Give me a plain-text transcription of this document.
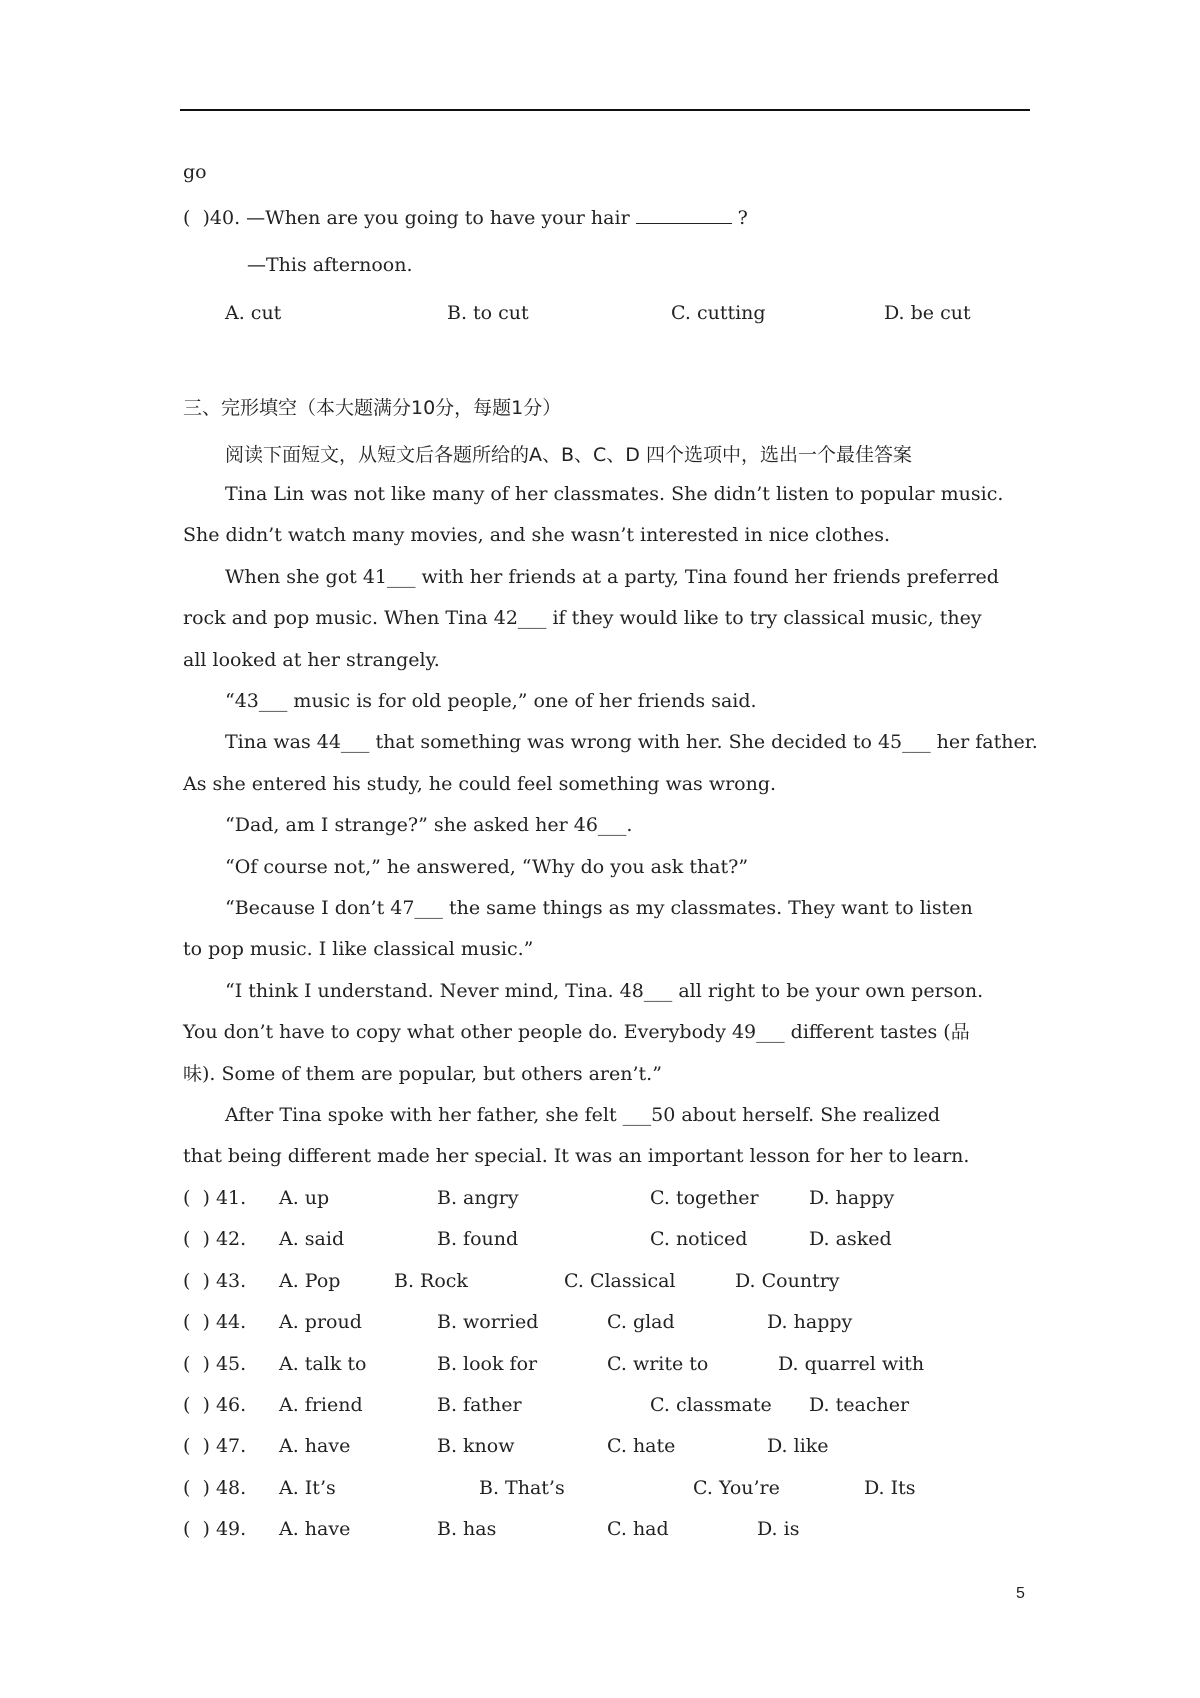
go
(  )40. —When are you going to have your hair	?
—This afternoon.
A. cut	B. to cut	C. cutting	D. be cut
三、完形填空（本大题满分10分，每题1分）
阅读下面短文，从短文后各题所给的A、B、C、D 四个选项中，选出一个最佳答案
Tina Lin was not like many of her classmates. She didn’t listen to popular music.
She didn’t watch many movies, and she wasn’t interested in nice clothes.
When she got 41___ with her friends at a party, Tina found her friends preferred
rock and pop music. When Tina 42___ if they would like to try classical music, they
all looked at her strangely.
“43___ music is for old people,” one of her friends said.
Tina was 44___ that something was wrong with her. She decided to 45___ her father.
As she entered his study, he could feel something was wrong.
“Dad, am I strange?” she asked her 46___.
“Of course not,” he answered, “Why do you ask that?”
“Because I don’t 47___ the same things as my classmates. They want to listen
to pop music. I like classical music.”
“I think I understand. Never mind, Tina. 48___ all right to be your own person.
You don’t have to copy what other people do. Everybody 49___ different tastes (品
味). Some of them are popular, but others aren’t.”
After Tina spoke with her father, she felt ___50 about herself. She realized
that being different made her special. It was an important lesson for her to learn.
(  ) 41. A. up	B. angry	C. together	D. happy
(  ) 42. A. said	B. found	C. noticed	D. asked
(  ) 43. A. Pop	B. Rock	C. Classical	D. Country
(  ) 44. A. proud	B. worried	C. glad	D. happy
(  ) 45. A. talk to	B. look for	C. write to	D. quarrel with
(  ) 46. A. friend	B. father	C. classmate D. teacher
(  ) 47. A. have	B. know	C. hate	D. like
(  ) 48. A. It’s	B. That’s	C. You’re	D. Its
(  ) 49. A. have	B. has	C. had	D. is
5
